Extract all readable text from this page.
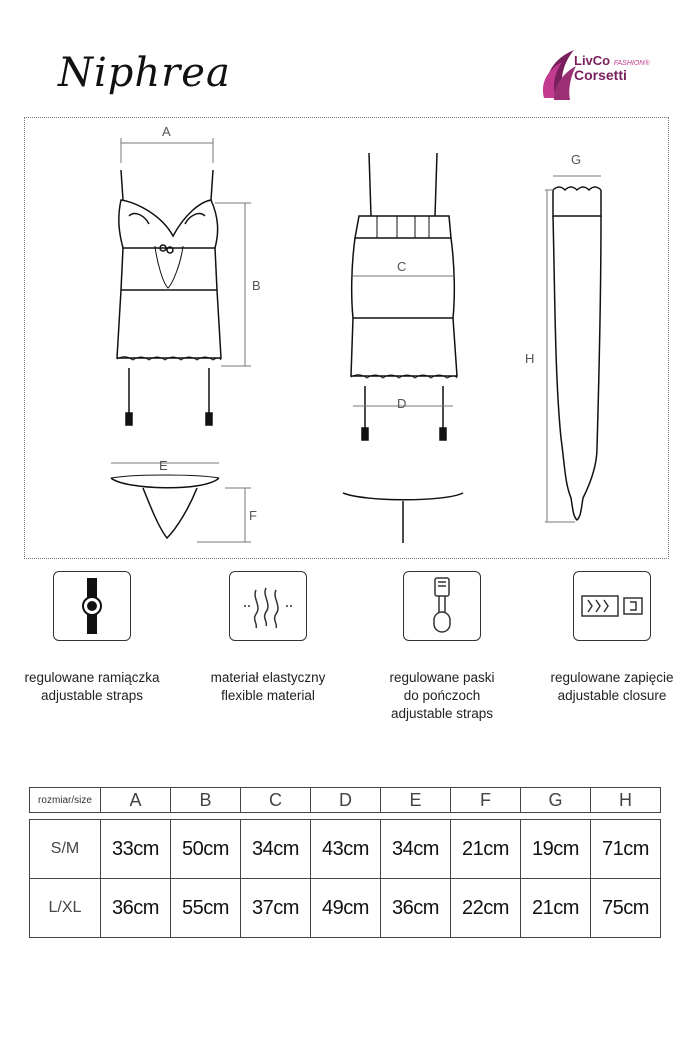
Niphrea	LivCo FASHION®
Corsetti
A
B
C
D
E
F
G
H
regulowane ramiączka
adjustable straps
materiał elastyczny
flexible material
regulowane paski
do pończoch
adjustable straps
regulowane zapięcie
adjustable closure
rozmiar/size	A	B	C	D	E	F	G	H

S/M	33cm	50cm	34cm	43cm	34cm	21cm	19cm	71cm
L/XL	36cm	55cm	37cm	49cm	36cm	22cm	21cm	75cm
